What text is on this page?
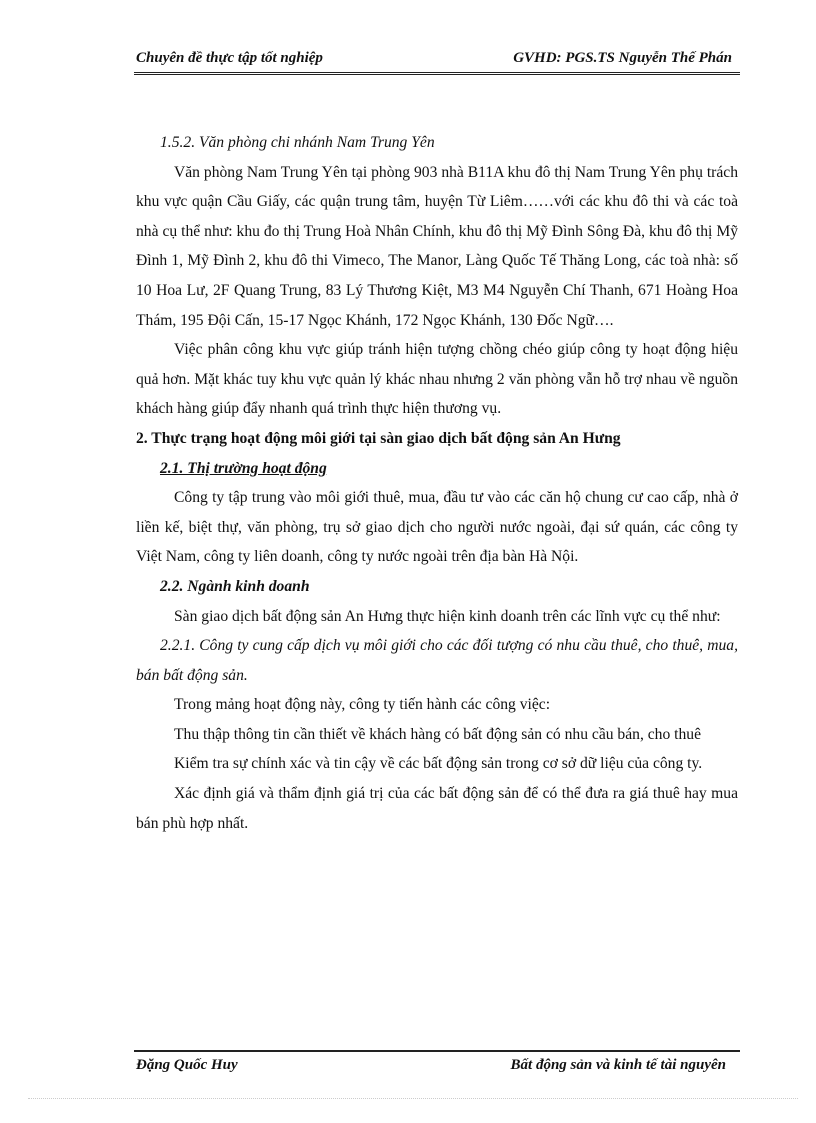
Chuyên đề thực tập tốt nghiệp	GVHD: PGS.TS Nguyễn Thế Phán

1.5.2. Văn phòng chi nhánh Nam Trung Yên

Văn phòng Nam Trung Yên tại phòng 903 nhà B11A khu đô thị Nam Trung Yên phụ trách khu vực quận Cầu Giấy, các quận trung tâm, huyện Từ Liêm……với các khu đô thi và các toà nhà cụ thể như: khu đo thị Trung Hoà Nhân Chính, khu đô thị Mỹ Đình Sông Đà, khu đô thị Mỹ Đình 1, Mỹ Đình 2, khu đô thi Vimeco, The Manor, Làng Quốc Tế Thăng Long, các toà nhà: số 10 Hoa Lư, 2F Quang Trung, 83 Lý Thương Kiệt, M3 M4 Nguyễn Chí Thanh, 671 Hoàng Hoa Thám, 195 Đội Cấn, 15-17 Ngọc Khánh, 172 Ngọc Khánh, 130 Đốc Ngữ….

Việc phân công khu vực giúp tránh hiện tượng chồng chéo giúp công ty hoạt động hiệu quả hơn. Mặt khác tuy khu vực quản lý khác nhau nhưng 2 văn phòng vẫn hỗ trợ nhau về nguồn khách hàng giúp đẩy nhanh quá trình thực hiện thương vụ.

2. Thực trạng hoạt động môi giới tại sàn giao dịch bất động sản An Hưng

2.1. Thị trường hoạt động

Công ty tập trung vào môi giới thuê, mua, đầu tư vào các căn hộ chung cư cao cấp, nhà ở liền kế, biệt thự, văn phòng, trụ sở giao dịch cho người nước ngoài, đại sứ quán, các công ty Việt Nam, công ty liên doanh, công ty nước ngoài trên địa bàn Hà Nội.

2.2. Ngành kinh doanh

Sàn giao dịch bất động sản An Hưng thực hiện kinh doanh trên các lĩnh vực cụ thể như:

2.2.1. Công ty cung cấp dịch vụ môi giới cho các đối tượng có nhu cầu thuê, cho thuê, mua, bán bất động sản.

Trong mảng hoạt động này, công ty tiến hành các công việc:

Thu thập thông tin cần thiết về khách hàng có bất động sản có nhu cầu bán, cho thuê

Kiểm tra sự chính xác và tin cậy về các bất động sản trong cơ sở dữ liệu của công ty.

Xác định giá và thẩm định giá trị của các bất động sản để có thể đưa ra giá thuê hay mua bán phù hợp nhất.

Đặng Quốc Huy	Bất động sản và kinh tế tài nguyên
